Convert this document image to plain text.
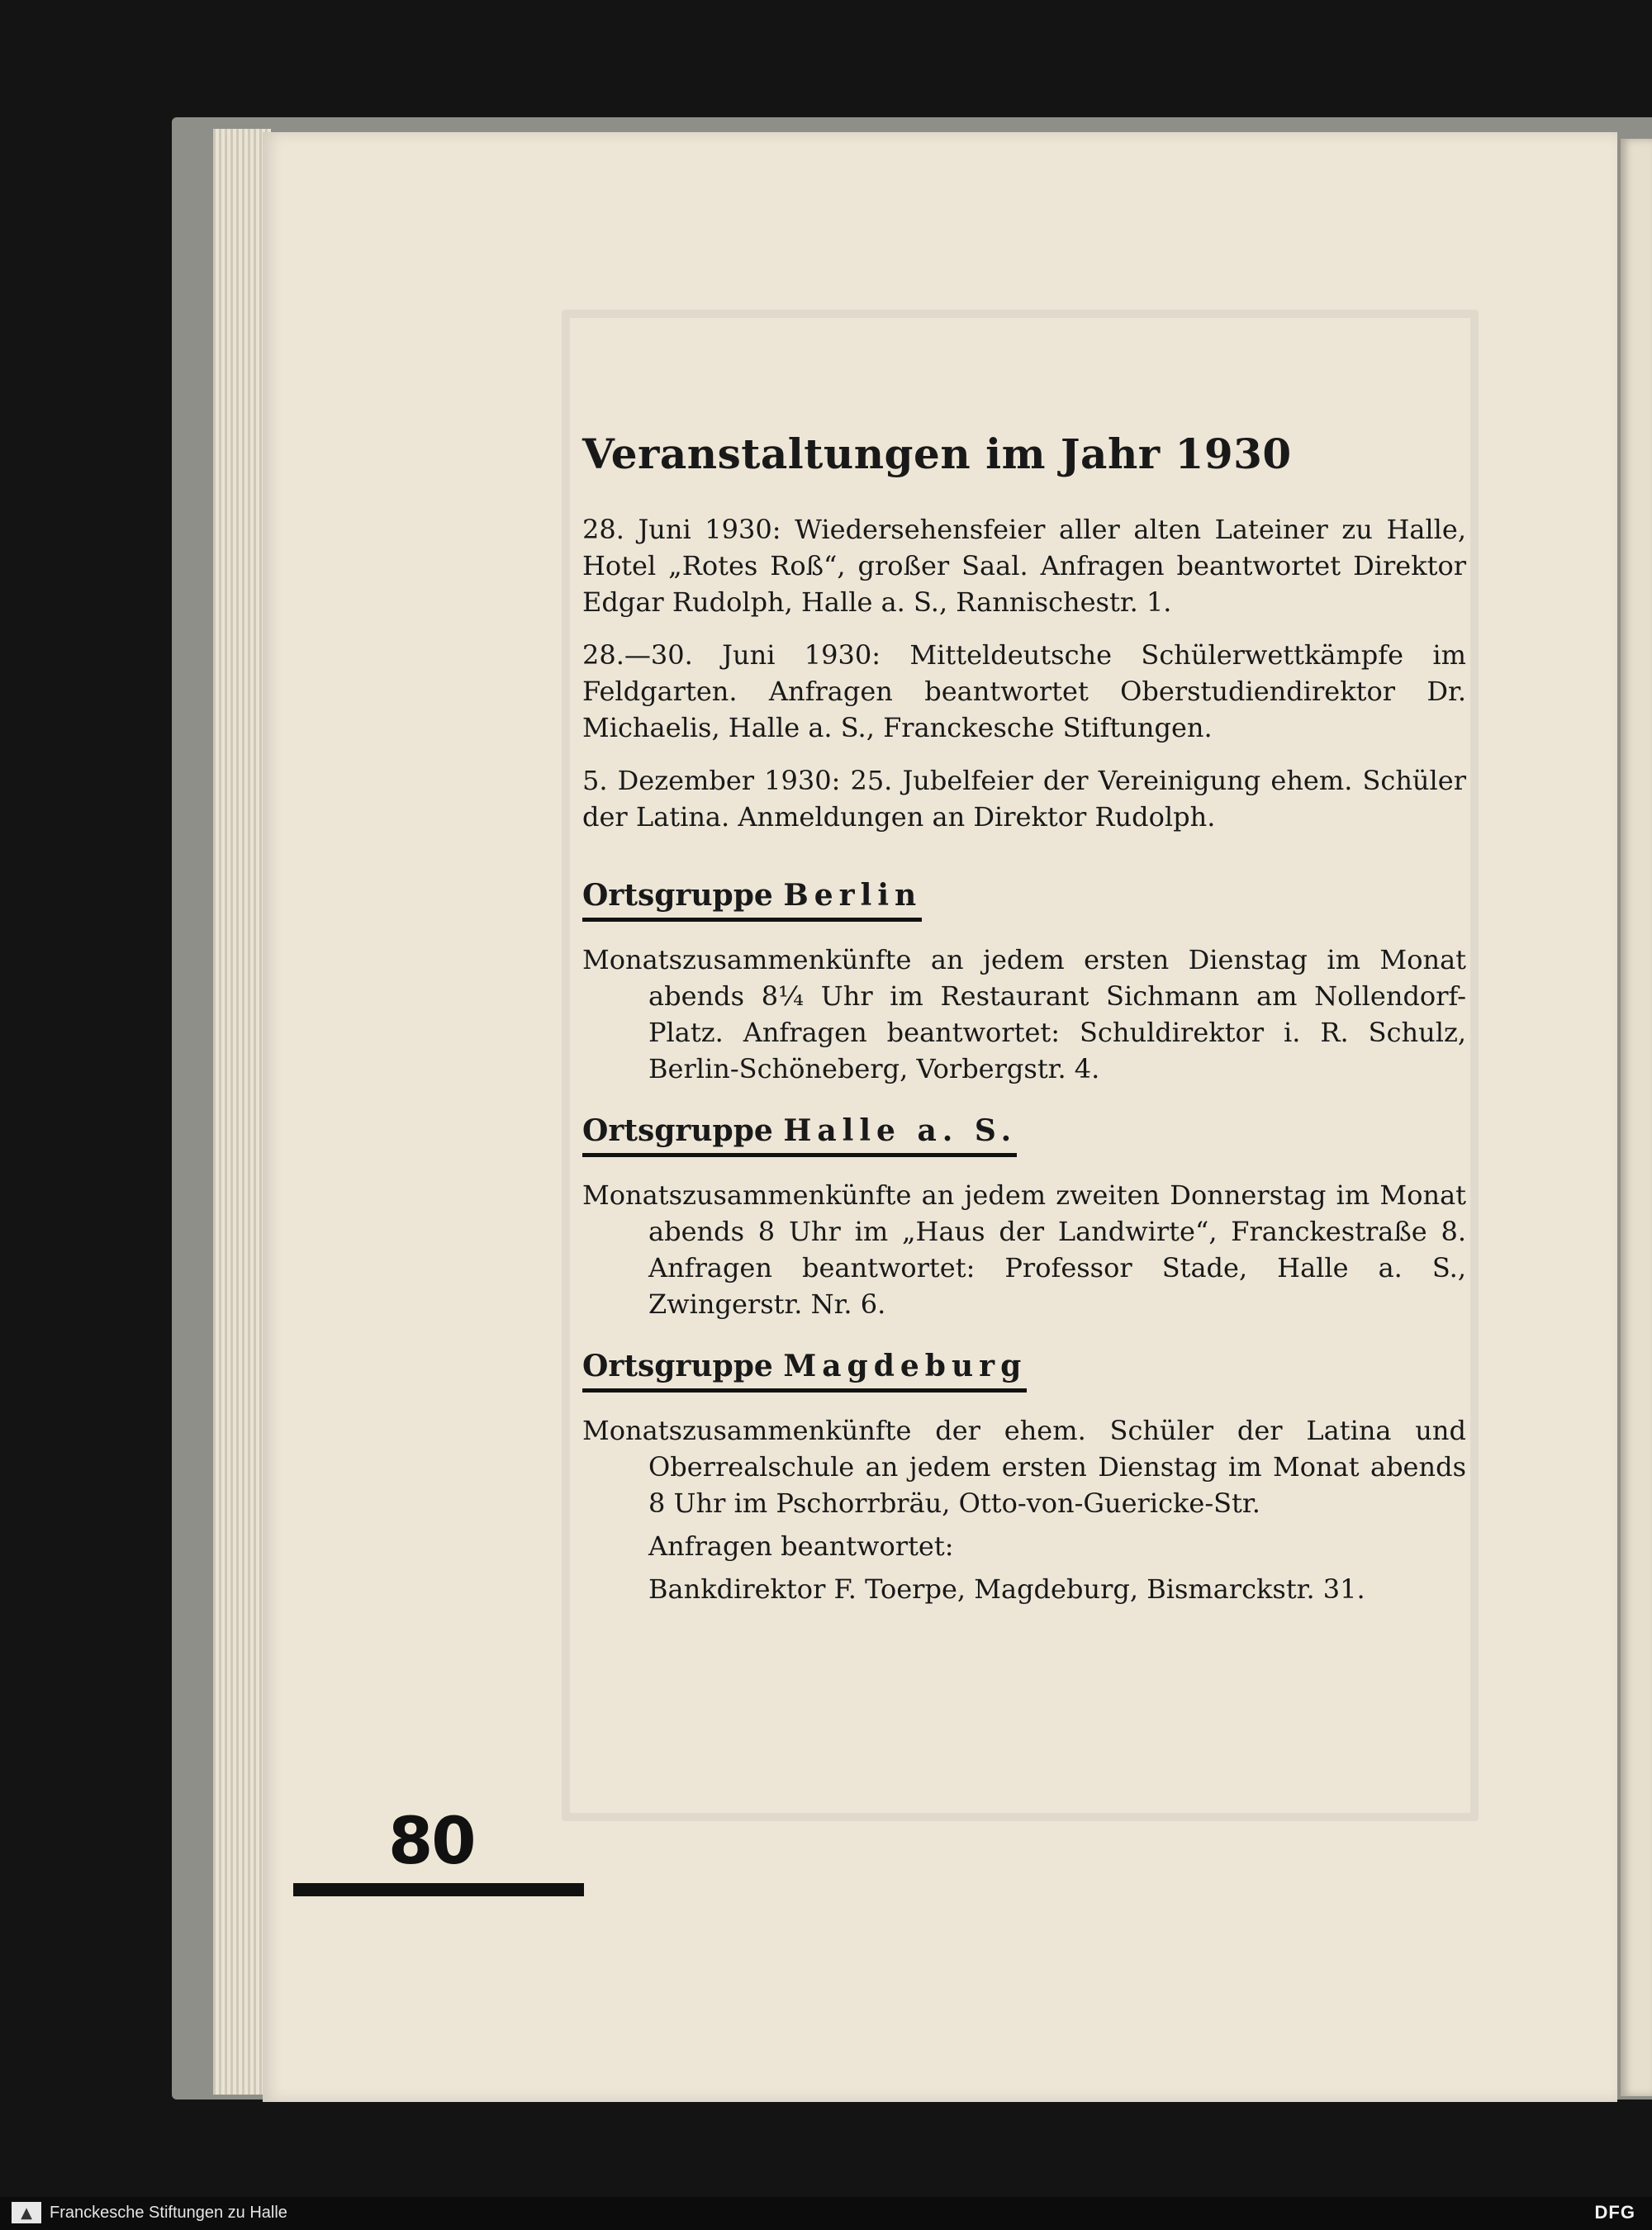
Veranstaltungen im Jahr 1930

28. Juni 1930: Wiedersehensfeier aller alten Lateiner zu Halle, Hotel „Rotes Roß“, großer Saal. Anfragen beantwortet Direktor Edgar Rudolph, Halle a. S., Rannischestr. 1.

28.—30. Juni 1930: Mitteldeutsche Schülerwettkämpfe im Feldgarten. Anfragen beantwortet Oberstudiendirektor Dr. Michaelis, Halle a. S., Franckesche Stiftungen.

5. Dezember 1930: 25. Jubelfeier der Vereinigung ehem. Schüler der Latina. Anmeldungen an Direktor Rudolph.

Ortsgruppe Berlin

Monatszusammenkünfte an jedem ersten Dienstag im Monat abends 8¼ Uhr im Restaurant Sichmann am Nollendorf-Platz. Anfragen beantwortet: Schuldirektor i. R. Schulz, Berlin-Schöneberg, Vorbergstr. 4.

Ortsgruppe Halle a. S.

Monatszusammenkünfte an jedem zweiten Donnerstag im Monat abends 8 Uhr im „Haus der Landwirte“, Franckestraße 8. Anfragen beantwortet: Professor Stade, Halle a. S., Zwingerstr. Nr. 6.

Ortsgruppe Magdeburg

Monatszusammenkünfte der ehem. Schüler der Latina und Oberrealschule an jedem ersten Dienstag im Monat abends 8 Uhr im Pschorrbräu, Otto-von-Guericke-Str.

Anfragen beantwortet:
Bankdirektor F. Toerpe, Magdeburg, Bismarckstr. 31.
80
▲	Franckesche Stiftungen zu Halle	DFG
